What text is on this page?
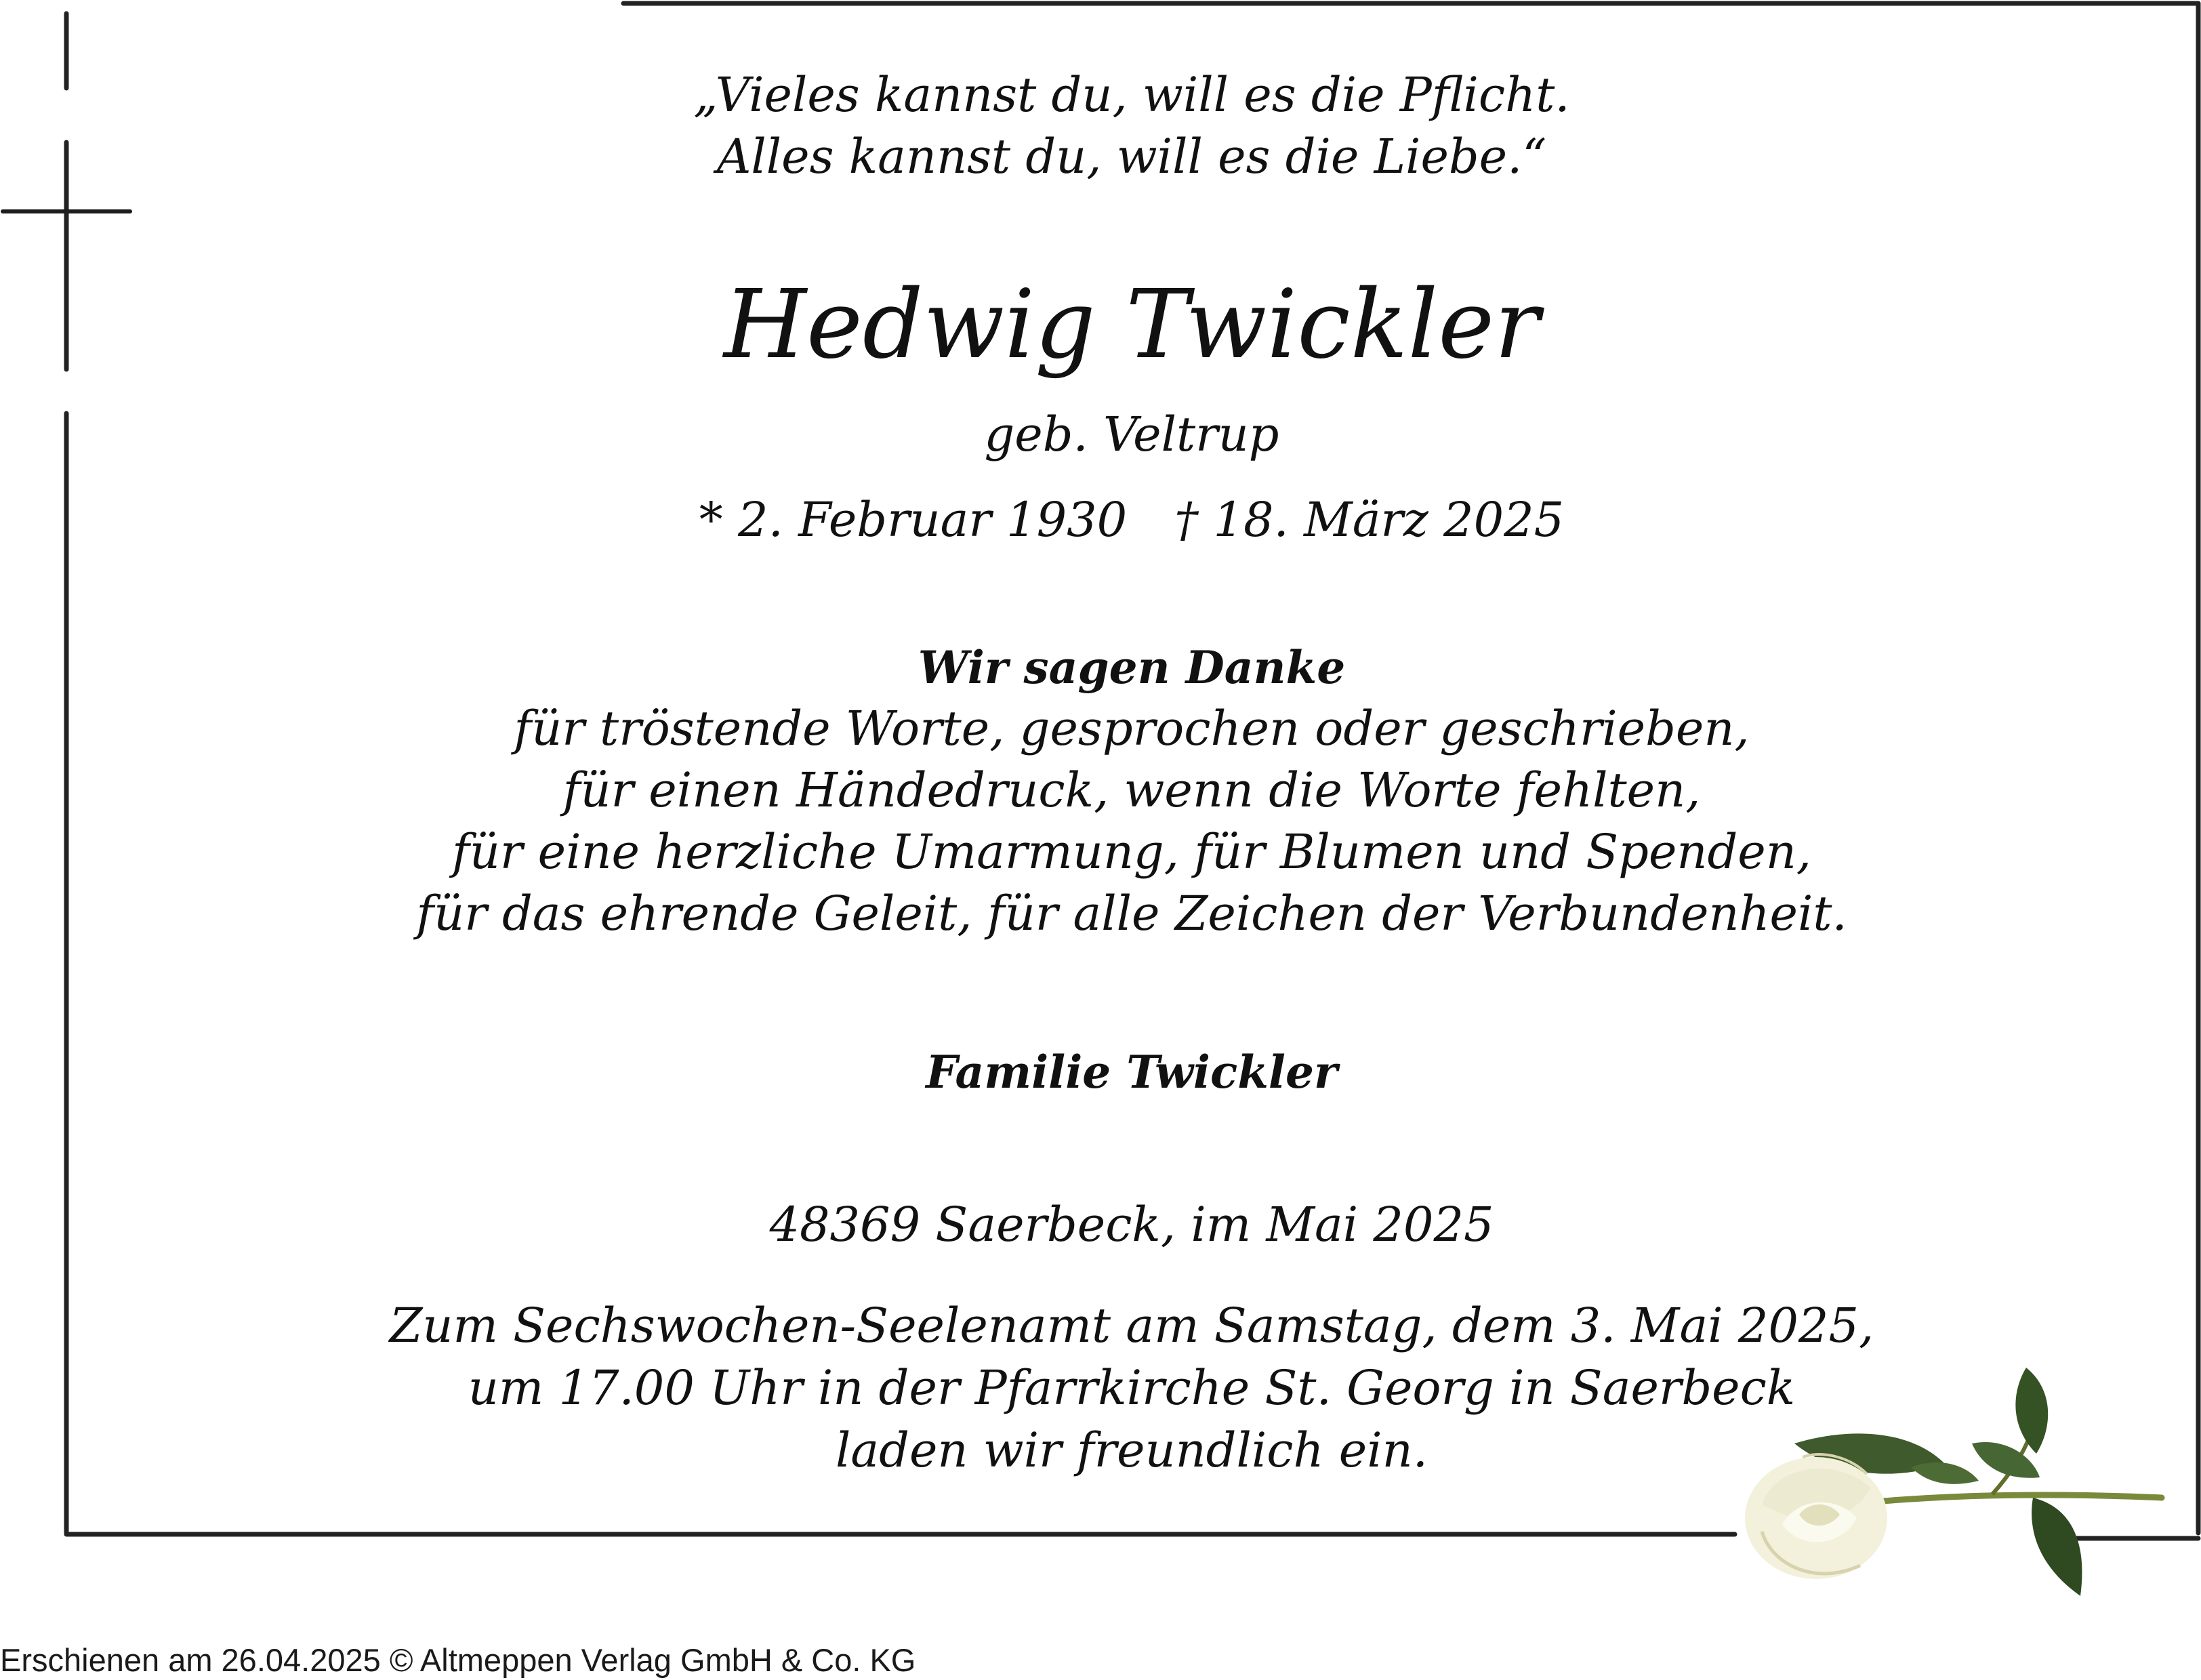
„Vieles kannst du, will es die Pflicht.
Alles kannst du, will es die Liebe.“
Hedwig Twickler
geb. Veltrup
* 2. Februar 1930 † 18. März 2025
Wir sagen Danke
für tröstende Worte, gesprochen oder geschrieben,
für einen Händedruck, wenn die Worte fehlten,
für eine herzliche Umarmung, für Blumen und Spenden,
für das ehrende Geleit, für alle Zeichen der Verbundenheit.
Familie Twickler
48369 Saerbeck, im Mai 2025
Zum Sechswochen-Seelenamt am Samstag, dem 3. Mai 2025,
um 17.00 Uhr in der Pfarrkirche St. Georg in Saerbeck
laden wir freundlich ein.
Erschienen am 26.04.2025 © Altmeppen Verlag GmbH & Co. KG
